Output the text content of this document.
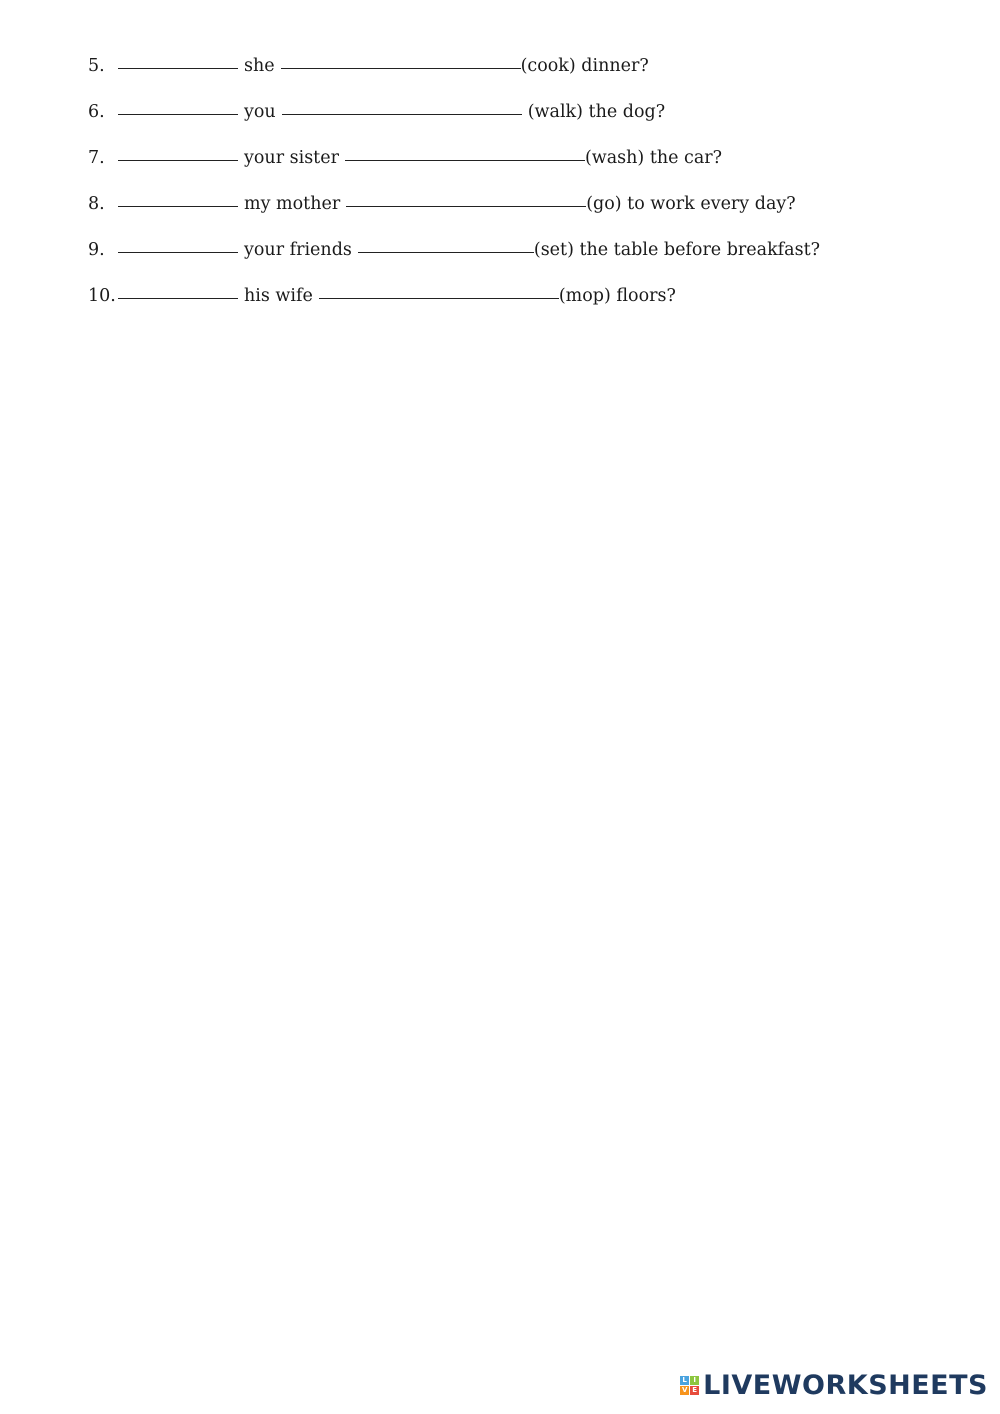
5.	she	(cook) dinner?
6.	you	(walk) the dog?
7.	your sister	(wash) the car?
8.	my mother	(go) to work every day?
9.	your friends	(set) the table before breakfast?
10.	his wife	(mop) floors?
L I
V E LIVEWORKSHEETS
